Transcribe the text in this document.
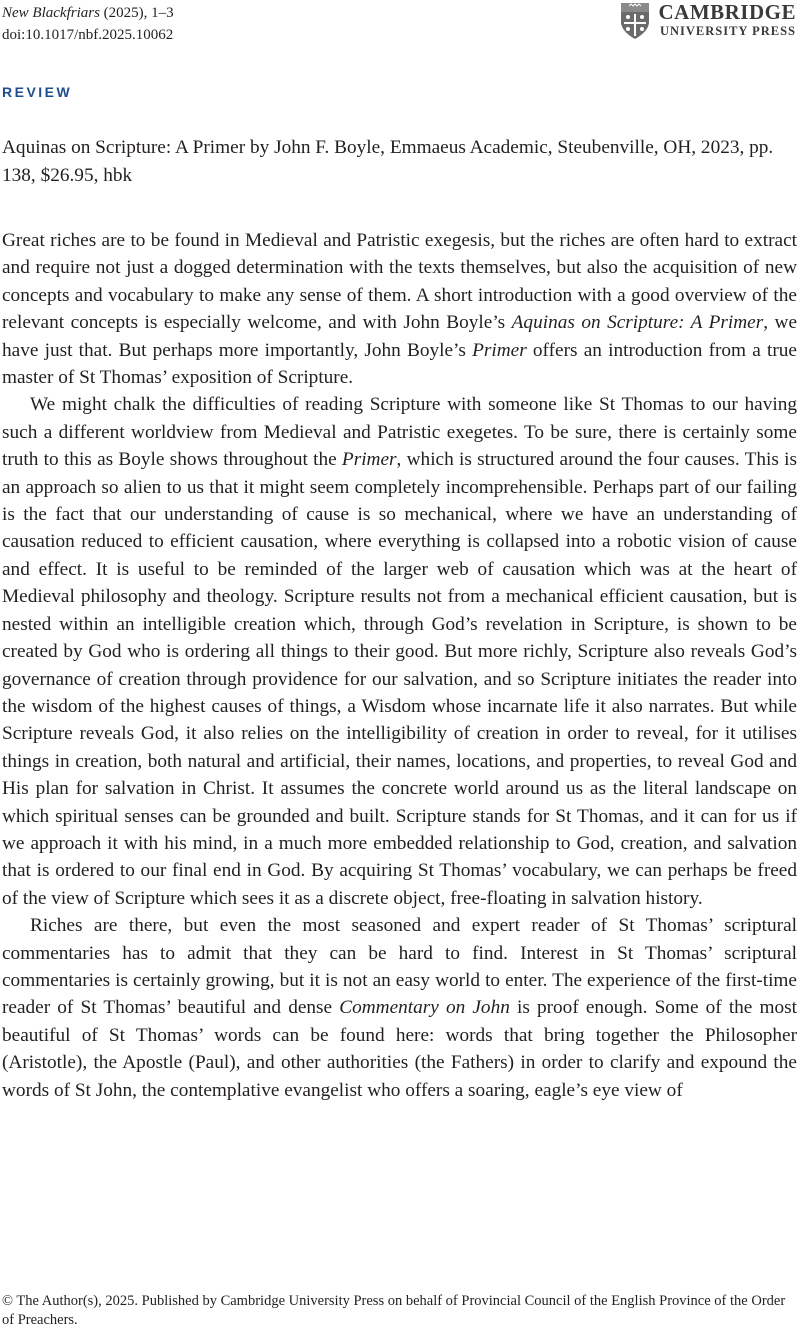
New Blackfriars (2025), 1–3
doi:10.1017/nbf.2025.10062
CAMBRIDGE
UNIVERSITY PRESS
REVIEW
Aquinas on Scripture: A Primer by John F. Boyle, Emmaeus Academic, Steubenville, OH, 2023, pp. 138, $26.95, hbk

Great riches are to be found in Medieval and Patristic exegesis, but the riches are often hard to extract and require not just a dogged determination with the texts themselves, but also the acquisition of new concepts and vocabulary to make any sense of them. A short introduction with a good overview of the relevant concepts is especially welcome, and with John Boyle’s Aquinas on Scripture: A Primer, we have just that. But perhaps more importantly, John Boyle’s Primer offers an introduction from a true master of St Thomas’ exposition of Scripture.

We might chalk the difficulties of reading Scripture with someone like St Thomas to our having such a different worldview from Medieval and Patristic exegetes. To be sure, there is certainly some truth to this as Boyle shows throughout the Primer, which is structured around the four causes. This is an approach so alien to us that it might seem completely incomprehensible. Perhaps part of our failing is the fact that our understanding of cause is so mechanical, where we have an understanding of causation reduced to efficient causation, where everything is collapsed into a robotic vision of cause and effect. It is useful to be reminded of the larger web of causation which was at the heart of Medieval philosophy and theology. Scripture results not from a mechanical efficient causation, but is nested within an intelligible creation which, through God’s revelation in Scripture, is shown to be created by God who is ordering all things to their good. But more richly, Scripture also reveals God’s governance of creation through providence for our salvation, and so Scripture initiates the reader into the wisdom of the highest causes of things, a Wisdom whose incarnate life it also narrates. But while Scripture reveals God, it also relies on the intelligibility of creation in order to reveal, for it utilises things in creation, both natural and artificial, their names, locations, and properties, to reveal God and His plan for salvation in Christ. It assumes the concrete world around us as the literal landscape on which spiritual senses can be grounded and built. Scripture stands for St Thomas, and it can for us if we approach it with his mind, in a much more embedded relationship to God, creation, and salvation that is ordered to our final end in God. By acquiring St Thomas’ vocabulary, we can perhaps be freed of the view of Scripture which sees it as a discrete object, free-floating in salvation history.

Riches are there, but even the most seasoned and expert reader of St Thomas’ scriptural commentaries has to admit that they can be hard to find. Interest in St Thomas’ scriptural commentaries is certainly growing, but it is not an easy world to enter. The experience of the first-time reader of St Thomas’ beautiful and dense Commentary on John is proof enough. Some of the most beautiful of St Thomas’ words can be found here: words that bring together the Philosopher (Aristotle), the Apostle (Paul), and other authorities (the Fathers) in order to clarify and expound the words of St John, the contemplative evangelist who offers a soaring, eagle’s eye view of

© The Author(s), 2025. Published by Cambridge University Press on behalf of Provincial Council of the English Province of the Order of Preachers.
